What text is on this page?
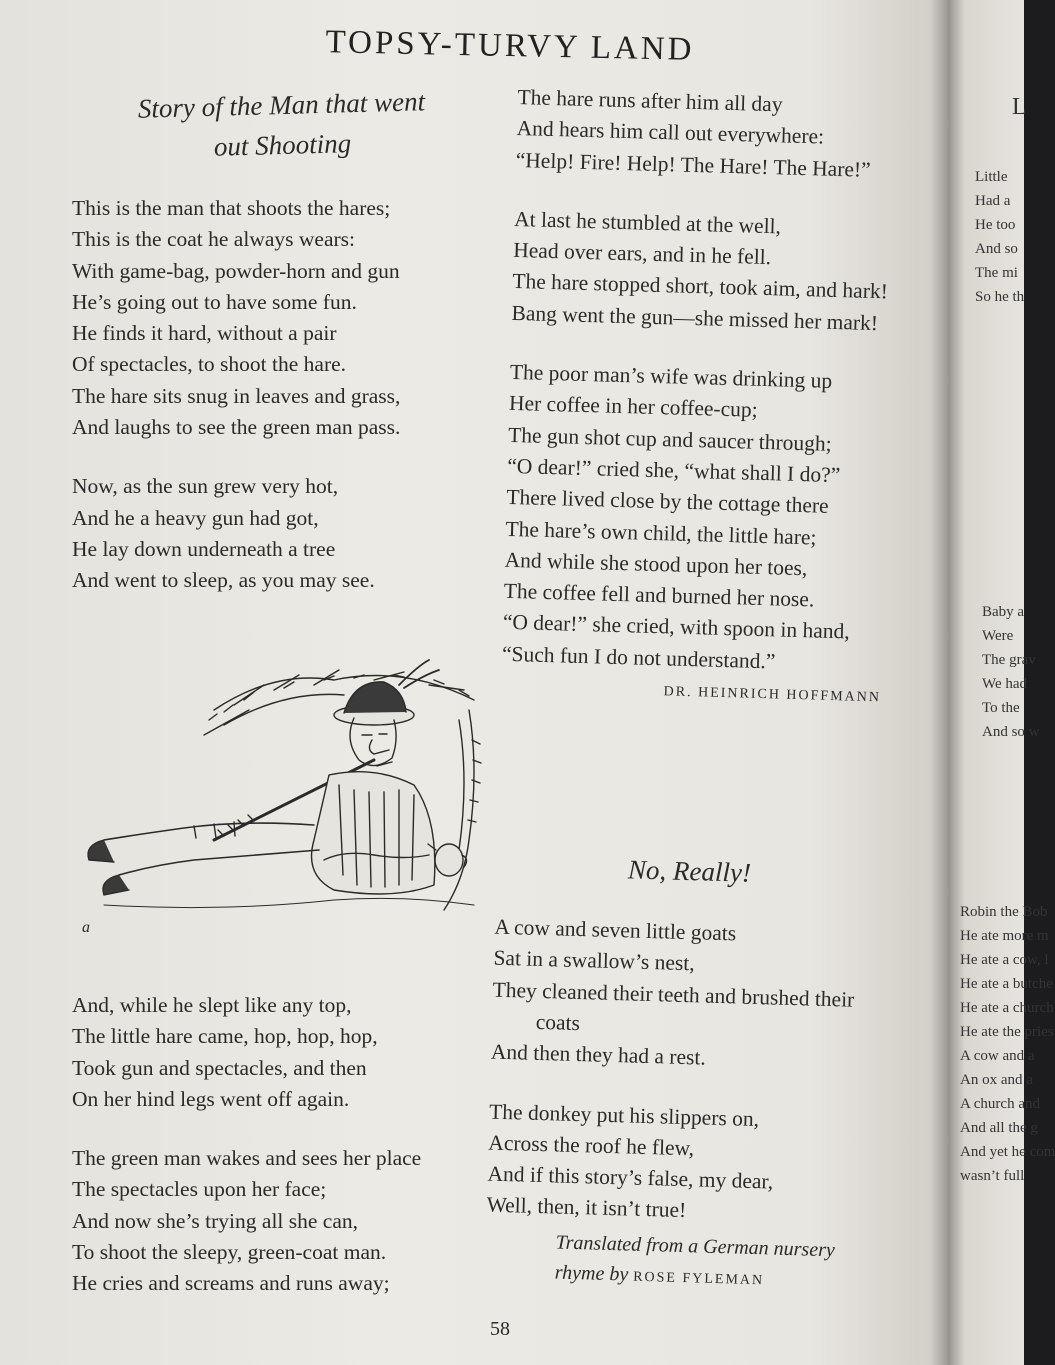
TOPSY-TURVY LAND
Story of the Man that went
out Shooting
This is the man that shoots the hares;
This is the coat he always wears:
With game-bag, powder-horn and gun
He’s going out to have some fun.
He finds it hard, without a pair
Of spectacles, to shoot the hare.
The hare sits snug in leaves and grass,
And laughs to see the green man pass.
Now, as the sun grew very hot,
And he a heavy gun had got,
He lay down underneath a tree
And went to sleep, as you may see.
a
And, while he slept like any top,
The little hare came, hop, hop, hop,
Took gun and spectacles, and then
On her hind legs went off again.
The green man wakes and sees her place
The spectacles upon her face;
And now she’s trying all she can,
To shoot the sleepy, green-coat man.
He cries and screams and runs away;
The hare runs after him all day
And hears him call out everywhere:
“Help! Fire! Help! The Hare! The Hare!”
At last he stumbled at the well,
Head over ears, and in he fell.
The hare stopped short, took aim, and hark!
Bang went the gun—she missed her mark!
The poor man’s wife was drinking up
Her coffee in her coffee-cup;
The gun shot cup and saucer through;
“O dear!” cried she, “what shall I do?”
There lived close by the cottage there
The hare’s own child, the little hare;
And while she stood upon her toes,
The coffee fell and burned her nose.
“O dear!” she cried, with spoon in hand,
“Such fun I do not understand.”
DR. HEINRICH HOFFMANN
No, Really!
A cow and seven little goats
Sat in a swallow’s nest,
They cleaned their teeth and brushed their
coats
And then they had a rest.
The donkey put his slippers on,
Across the roof he flew,
And if this story’s false, my dear,
Well, then, it isn’t true!
Translated from a German nursery
rhyme by ROSE FYLEMAN
58
L
Little
Had a
He too
And so
The mi
So he th
Baby a
Were
The grav
We had
To the
And so w
Robin the Bob
He ate more m
He ate a cow, l
He ate a butche
He ate a church
He ate the pries
A cow and a
An ox and a
A church and
And all the g
And yet he com
wasn’t full
